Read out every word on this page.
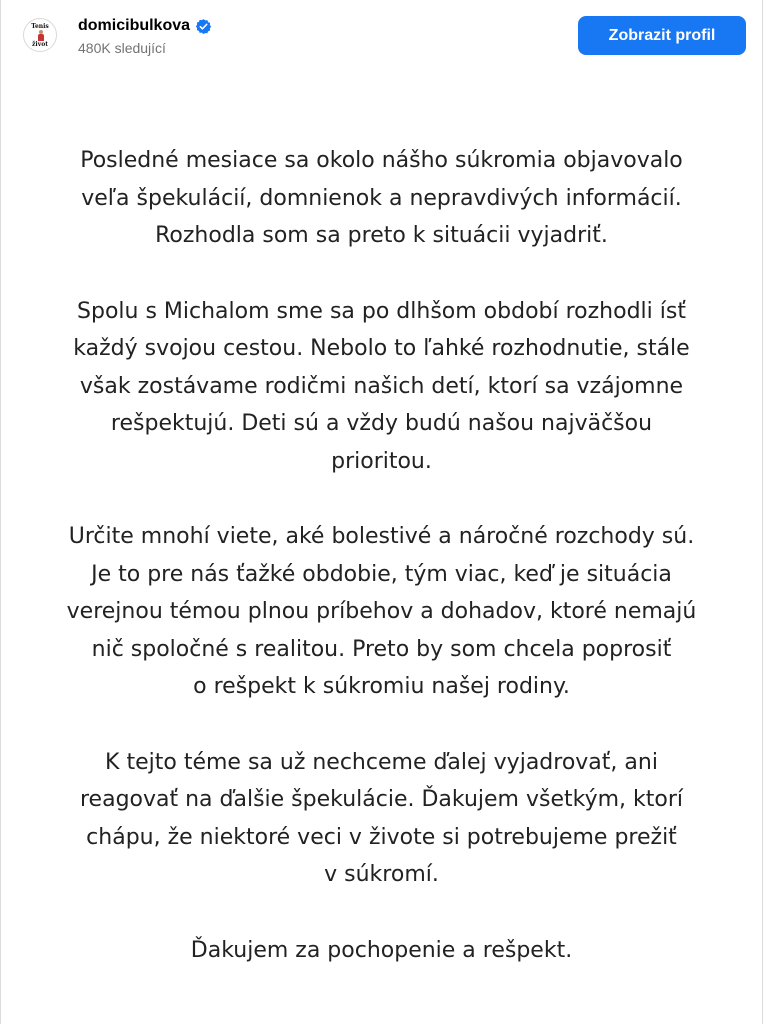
Tenis
život
domicibulkova
480K sledující
Zobrazit profil

Posledné mesiace sa okolo nášho súkromia objavovalo
veľa špekulácií, domnienok a nepravdivých informácií.
Rozhodla som sa preto k situácii vyjadriť.

Spolu s Michalom sme sa po dlhšom období rozhodli ísť
každý svojou cestou. Nebolo to ľahké rozhodnutie, stále
však zostávame rodičmi našich detí, ktorí sa vzájomne
rešpektujú. Deti sú a vždy budú našou najväčšou
prioritou.

Určite mnohí viete, aké bolestivé a náročné rozchody sú.
Je to pre nás ťažké obdobie, tým viac, keď je situácia
verejnou témou plnou príbehov a dohadov, ktoré nemajú
nič spoločné s realitou. Preto by som chcela poprosiť
o rešpekt k súkromiu našej rodiny.

K tejto téme sa už nechceme ďalej vyjadrovať, ani
reagovať na ďalšie špekulácie. Ďakujem všetkým, ktorí
chápu, že niektoré veci v živote si potrebujeme prežiť
v súkromí.

Ďakujem za pochopenie a rešpekt.
